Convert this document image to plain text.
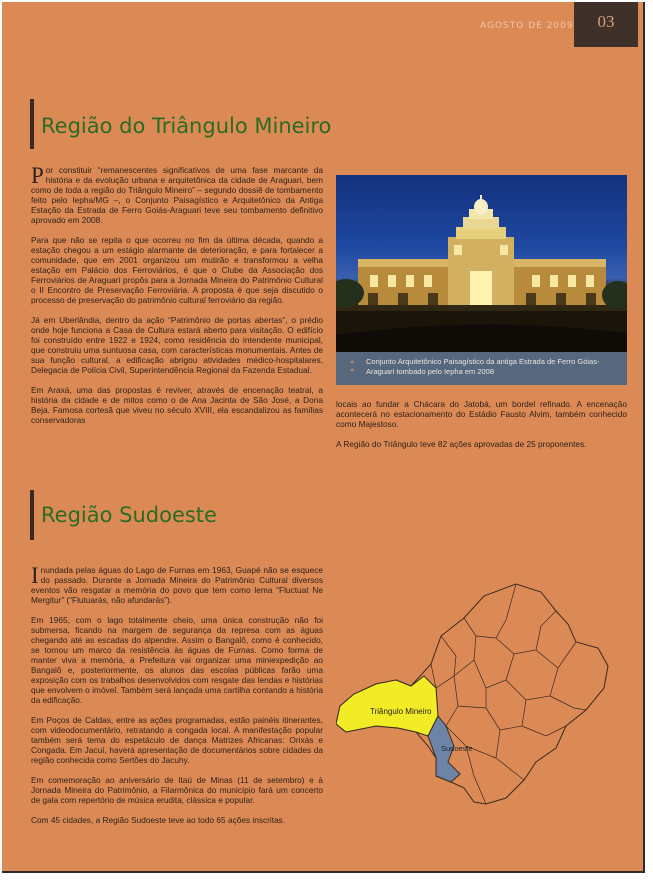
AGOSTO DE 2009	03
Região do Triângulo Mineiro

Por constituir “remanescentes significativos de uma fase marcante da história e da evolução urbana e arquitetônica da cidade de Araguari, bem como de toda a região do Triângulo Mineiro” – segundo dossiê de tombamento feito pelo Iepha/MG –, o Conjunto Paisagístico e Arquitetônico da Antiga Estação da Estrada de Ferro Goiás-Araguari teve seu tombamento definitivo aprovado em 2008.

Para que não se repita o que ocorreu no fim da última década, quando a estação chegou a um estágio alarmante de deterioração, e para fortalecer a comunidade, que em 2001 organizou um mutirão e transformou a velha estação em Palácio dos Ferroviários, é que o Clube da Associação dos Ferroviários de Araguari propôs para a Jornada Mineira do Patrimônio Cultural o II Encontro de Preservação Ferroviária. A proposta é que seja discutido o processo de preservação do patrimônio cultural ferroviário da região.

Já em Uberlândia, dentro da ação “Patrimônio de portas abertas”, o prédio onde hoje funciona a Casa de Cultura estará aberto para visitação. O edifício foi construído entre 1922 e 1924, como residência do intendente municipal, que construiu uma suntuosa casa, com características monumentais. Antes de sua função cultural, a edificação abrigou atividades médico-hospitalares, Delegacia de Polícia Civil, Superintendência Regional da Fazenda Estadual.

Em Araxá, uma das propostas é reviver, através de encenação teatral, a história da cidade e de mitos como o de Ana Jacinta de São José, a Dona Beja. Famosa cortesã que viveu no século XVIII, ela escandalizou as famílias conservadoras

⌃
⌃
Conjunto Arquitetônico Paisagístico da antiga Estrada de Ferro Góias-Araguari tombado pelo Iepha em 2008

locais ao fundar a Chácara do Jatobá, um bordel refinado. A encenação acontecerá no estacionamento do Estádio Fausto Alvim, também conhecido como Majestoso.

A Região do Triângulo teve 82 ações aprovadas de 25 proponentes.

Região Sudoeste

Inundada pelas águas do Lago de Furnas em 1963, Guapé não se esquece do passado. Durante a Jornada Mineira do Patrimônio Cultural diversos eventos vão resgatar a memória do povo que tem como lema “Fluctuat Ne Mergitur” (“Flutuarás, não afundarás”).

Em 1965, com o lago totalmente cheio, uma única construção não foi submersa, ficando na margem de segurança da represa com as águas chegando até as escadas do alpendre. Assim o Bangalô, como é conhecido, se tornou um marco da resistência às águas de Furnas. Como forma de manter viva a memória, a Prefeitura vai organizar uma miniexpedição ao Bangalô e, posteriormente, os alunos das escolas públicas farão uma exposição com os trabalhos desenvolvidos com resgate das lendas e histórias que envolvem o imóvel. Também será lançada uma cartilha contando a história da edificação.

Em Poços de Caldas, entre as ações programadas, estão painéis itinerantes, com videodocumentário, retratando a congada local. A manifestação popular também será tema do espetáculo de dança Matrizes Africanas: Orixás e Congada. Em Jacuí, haverá apresentação de documentários sobre cidades da região conhecida como Sertões do Jacuhy.

Em comemoração ao aniversário de Itaú de Minas (11 de setembro) e à Jornada Mineira do Patrimônio, a Filarmônica do município fará um concerto de gala com repertório de música erudita, clássica e popular.

Com 45 cidades, a Região Sudoeste teve ao todo 65 ações inscritas.

Triângulo Mineiro
Sudoeste
